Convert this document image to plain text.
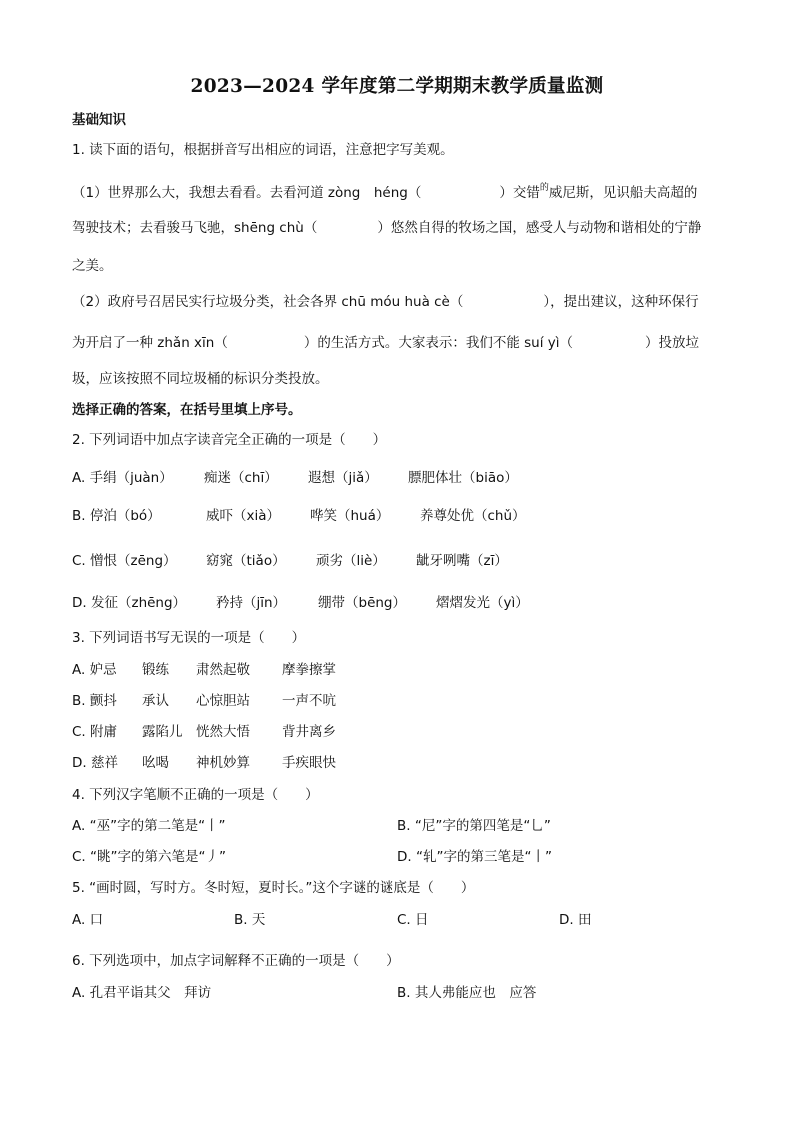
2023—2024 学年度第二学期期末教学质量监测
基础知识
1. 读下面的语句，根据拼音写出相应的词语，注意把字写美观。
（1）世界那么大，我想去看看。去看河道 zòng　héng（	）交错$^的$威尼斯，见识船夫高超的
驾驶技术；去看骏马飞驰，shēng chù（	）悠然自得的牧场之国，感受人与动物和谐相处的宁静
之美。
（2）政府号召居民实行垃圾分类，社会各界 chū móu huà cè（	），提出建议，这种环保行
为开启了一种 zhǎn xīn（	）的生活方式。大家表示：我们不能 suí yì（	）投放垃
圾，应该按照不同垃圾桶的标识分类投放。
选择正确的答案，在括号里填上序号。
2. 下列词语中加点字读音完全正确的一项是（　　）
A. 手绢（juàn） 痴迷（chī） 遐想（jiǎ） 膘肥体壮（biāo）
B. 停泊（bó）	威吓（xià） 哗笑（huá） 养尊处优（chǔ）
C. 憎恨（zēng） 窈窕（tiǎo） 顽劣（liè） 龇牙咧嘴（zī）
D. 发征（zhēng） 矜持（jīn） 绷带（bēng） 熠熠发光（yì）
3. 下列词语书写无误的一项是（　　）
A. 妒忌 锻练 肃然起敬 摩拳擦掌
B. 颤抖 承认 心惊胆站 一声不吭
C. 附庸 露陷儿 恍然大悟 背井离乡
D. 慈祥 吆喝 神机妙算 手疾眼快
4. 下列汉字笔顺不正确的一项是（　　）
A. “巫”字的第二笔是“丨”	B. “尼”字的第四笔是“乚”
C. “眺”字的第六笔是“丿”	D. “轧”字的第三笔是“丨”
5. “画时圆，写时方。冬时短，夏时长。”这个字谜的谜底是（　　）
A. 口	B. 天	C. 日	D. 田
6. 下列选项中，加点字词解释不正确的一项是（　　）
A. 孔君平诣其父　拜访	B. 其人弗能应也　应答
